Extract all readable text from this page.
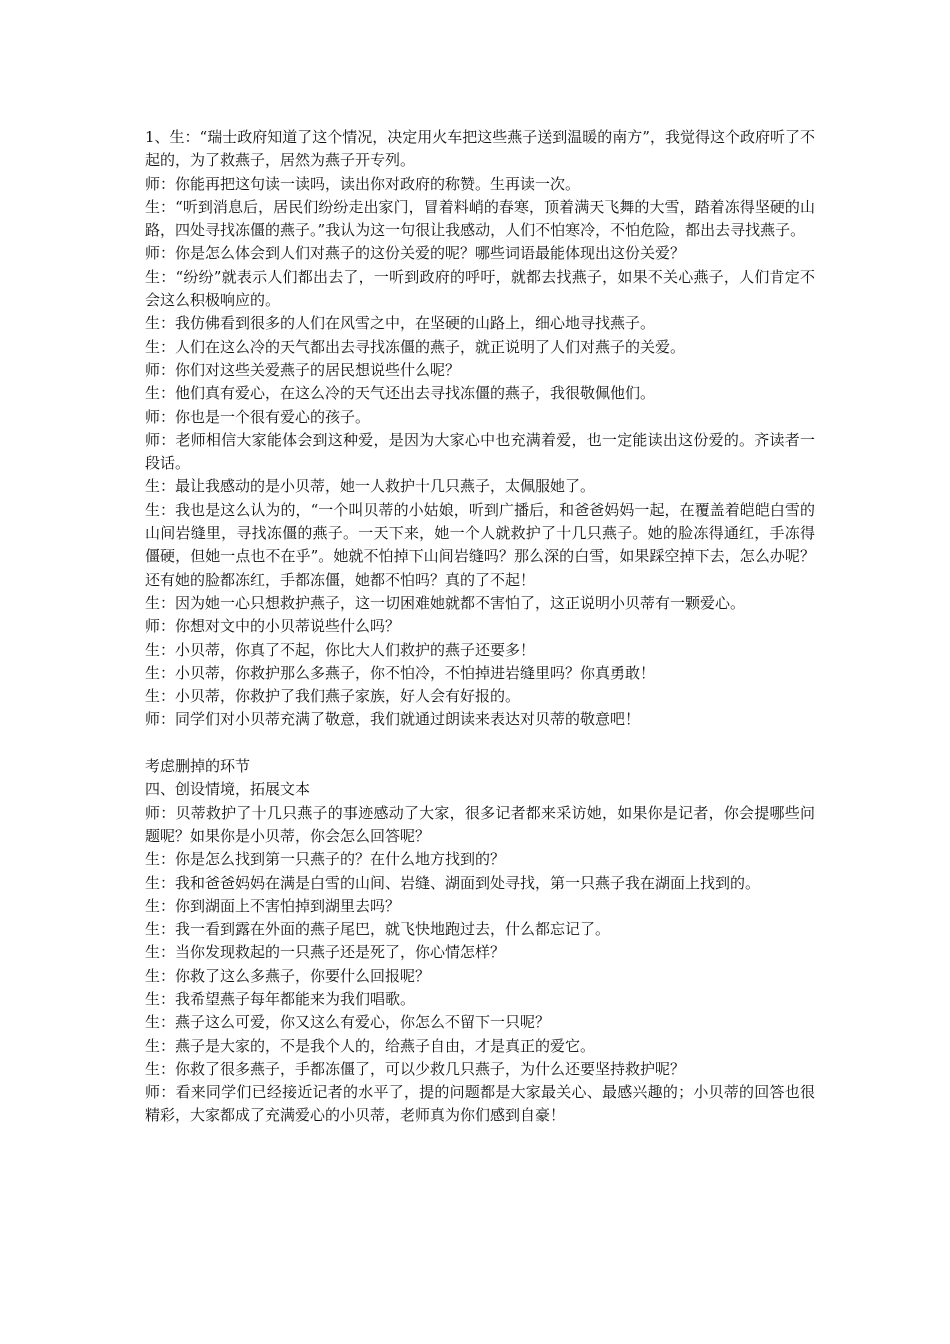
1、生：“瑞士政府知道了这个情况，决定用火车把这些燕子送到温暖的南方”，我觉得这个政府听了不起的，为了救燕子，居然为燕子开专列。

师：你能再把这句读一读吗，读出你对政府的称赞。生再读一次。

生：“听到消息后，居民们纷纷走出家门，冒着料峭的春寒，顶着满天飞舞的大雪，踏着冻得坚硬的山路，四处寻找冻僵的燕子。”我认为这一句很让我感动，人们不怕寒冷，不怕危险，都出去寻找燕子。

师：你是怎么体会到人们对燕子的这份关爱的呢？哪些词语最能体现出这份关爱？

生：“纷纷”就表示人们都出去了，一听到政府的呼吁，就都去找燕子，如果不关心燕子，人们肯定不会这么积极响应的。

生：我仿佛看到很多的人们在风雪之中，在坚硬的山路上，细心地寻找燕子。

生：人们在这么冷的天气都出去寻找冻僵的燕子，就正说明了人们对燕子的关爱。

师：你们对这些关爱燕子的居民想说些什么呢？

生：他们真有爱心，在这么冷的天气还出去寻找冻僵的燕子，我很敬佩他们。

师：你也是一个很有爱心的孩子。

师：老师相信大家能体会到这种爱，是因为大家心中也充满着爱，也一定能读出这份爱的。齐读者一段话。

生：最让我感动的是小贝蒂，她一人救护十几只燕子，太佩服她了。

生：我也是这么认为的，“一个叫贝蒂的小姑娘，听到广播后，和爸爸妈妈一起，在覆盖着皑皑白雪的山间岩缝里，寻找冻僵的燕子。一天下来，她一个人就救护了十几只燕子。她的脸冻得通红，手冻得僵硬，但她一点也不在乎”。她就不怕掉下山间岩缝吗？那么深的白雪，如果踩空掉下去，怎么办呢？还有她的脸都冻红，手都冻僵，她都不怕吗？真的了不起！

生：因为她一心只想救护燕子，这一切困难她就都不害怕了，这正说明小贝蒂有一颗爱心。

师：你想对文中的小贝蒂说些什么吗？

生：小贝蒂，你真了不起，你比大人们救护的燕子还要多！

生：小贝蒂，你救护那么多燕子，你不怕冷，不怕掉进岩缝里吗？你真勇敢！

生：小贝蒂，你救护了我们燕子家族，好人会有好报的。

师：同学们对小贝蒂充满了敬意，我们就通过朗读来表达对贝蒂的敬意吧！

考虑删掉的环节

四、创设情境，拓展文本

师：贝蒂救护了十几只燕子的事迹感动了大家，很多记者都来采访她，如果你是记者，你会提哪些问题呢？如果你是小贝蒂，你会怎么回答呢？

生：你是怎么找到第一只燕子的？在什么地方找到的？

生：我和爸爸妈妈在满是白雪的山间、岩缝、湖面到处寻找，第一只燕子我在湖面上找到的。

生：你到湖面上不害怕掉到湖里去吗？

生：我一看到露在外面的燕子尾巴，就飞快地跑过去，什么都忘记了。

生：当你发现救起的一只燕子还是死了，你心情怎样？

生：你救了这么多燕子，你要什么回报呢？

生：我希望燕子每年都能来为我们唱歌。

生：燕子这么可爱，你又这么有爱心，你怎么不留下一只呢？

生：燕子是大家的，不是我个人的，给燕子自由，才是真正的爱它。

生：你救了很多燕子，手都冻僵了，可以少救几只燕子，为什么还要坚持救护呢？

师：看来同学们已经接近记者的水平了，提的问题都是大家最关心、最感兴趣的；小贝蒂的回答也很精彩，大家都成了充满爱心的小贝蒂，老师真为你们感到自豪！
